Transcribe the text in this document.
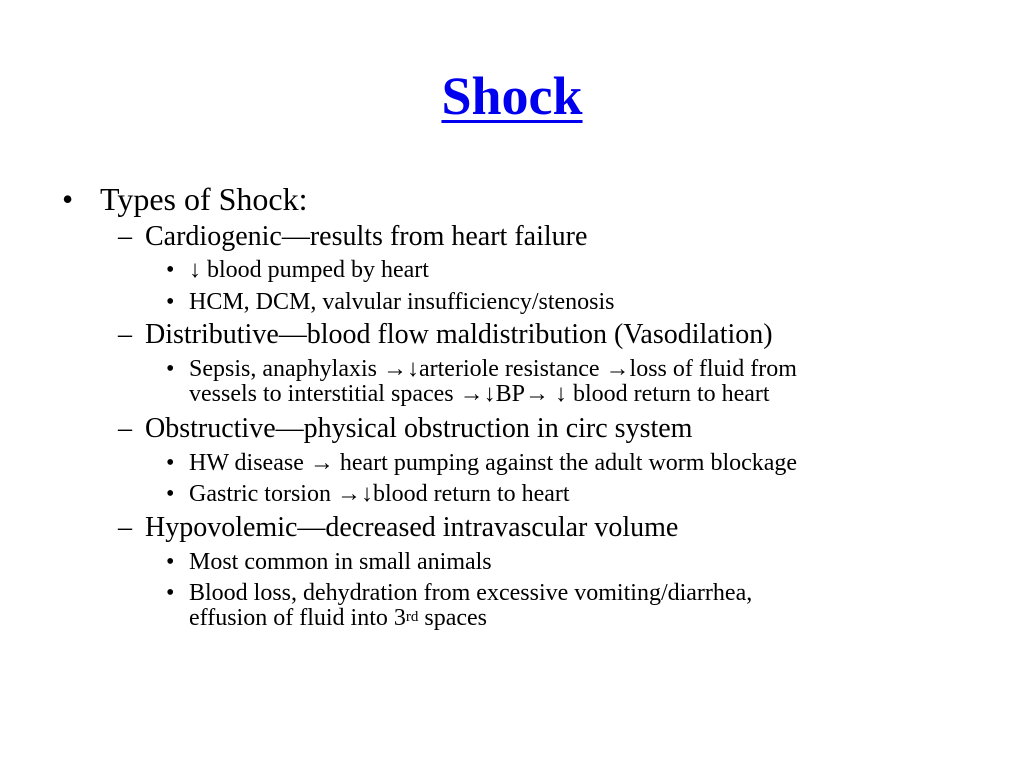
Shock
• Types of Shock:
– Cardiogenic—results from heart failure
• ↓ blood pumped by heart
• HCM, DCM, valvular insufficiency/stenosis
– Distributive—blood flow maldistribution (Vasodilation)
• Sepsis, anaphylaxis →↓arteriole resistance →loss of fluid from
vessels to interstitial spaces →↓BP→ ↓ blood return to heart
– Obstructive—physical obstruction in circ system
• HW disease → heart pumping against the adult worm blockage
• Gastric torsion →↓blood return to heart
– Hypovolemic—decreased intravascular volume
• Most common in small animals
• Blood loss, dehydration from excessive vomiting/diarrhea,
effusion of fluid into 3rd spaces
